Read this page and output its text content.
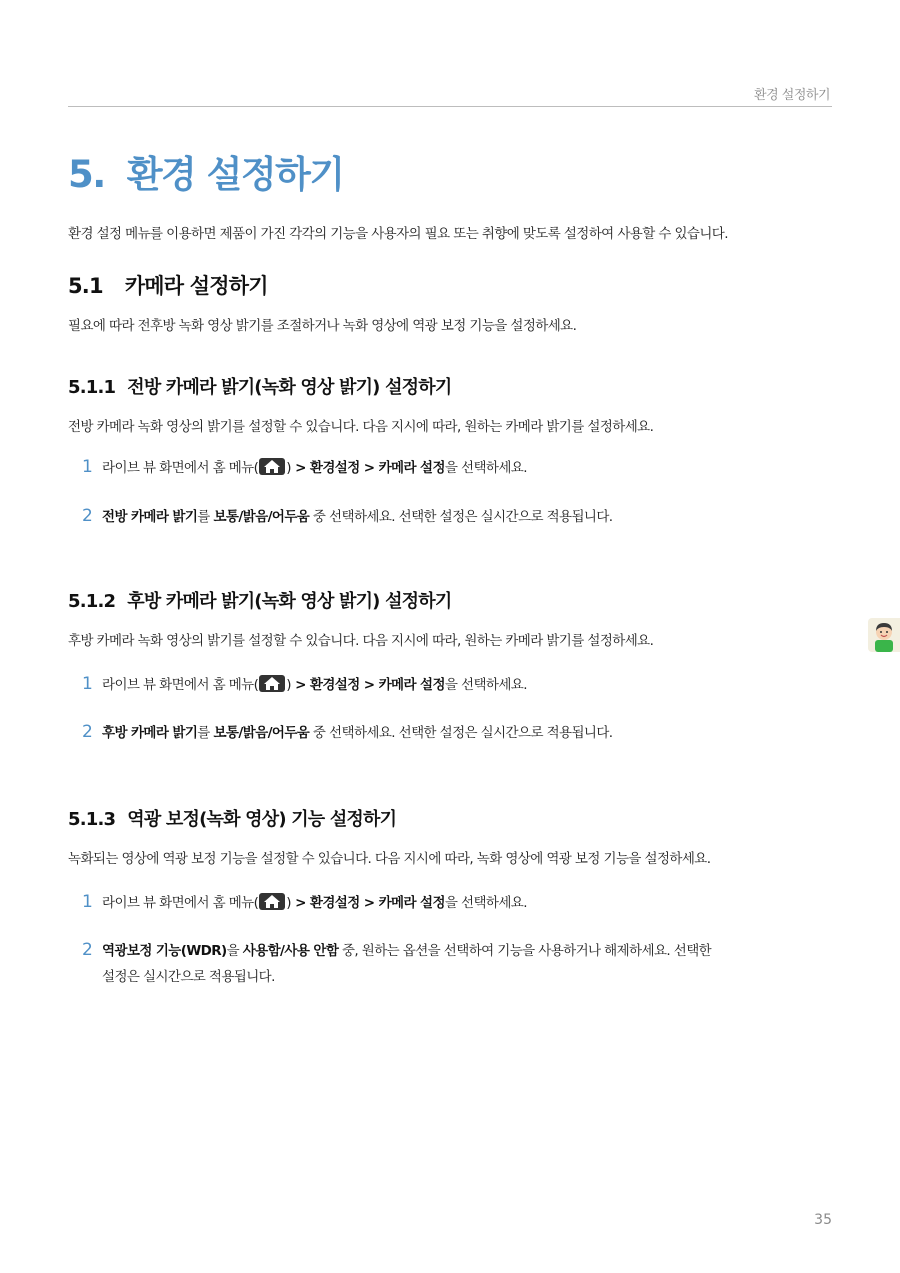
환경 설정하기
5. 환경 설정하기
환경 설정 메뉴를 이용하면 제품이 가진 각각의 기능을 사용자의 필요 또는 취향에 맞도록 설정하여 사용할 수 있습니다.
5.1 카메라 설정하기
필요에 따라 전후방 녹화 영상 밝기를 조절하거나 녹화 영상에 역광 보정 기능을 설정하세요.
5.1.1 전방 카메라 밝기(녹화 영상 밝기) 설정하기
전방 카메라 녹화 영상의 밝기를 설정할 수 있습니다. 다음 지시에 따라, 원하는 카메라 밝기를 설정하세요.
1 라이브 뷰 화면에서 홈 메뉴( ) > 환경설정 > 카메라 설정을 선택하세요.
2 전방 카메라 밝기를 보통/밝음/어두움 중 선택하세요. 선택한 설정은 실시간으로 적용됩니다.
5.1.2 후방 카메라 밝기(녹화 영상 밝기) 설정하기
후방 카메라 녹화 영상의 밝기를 설정할 수 있습니다. 다음 지시에 따라, 원하는 카메라 밝기를 설정하세요.
1 라이브 뷰 화면에서 홈 메뉴( ) > 환경설정 > 카메라 설정을 선택하세요.
2 후방 카메라 밝기를 보통/밝음/어두움 중 선택하세요. 선택한 설정은 실시간으로 적용됩니다.
5.1.3 역광 보정(녹화 영상) 기능 설정하기
녹화되는 영상에 역광 보정 기능을 설정할 수 있습니다. 다음 지시에 따라, 녹화 영상에 역광 보정 기능을 설정하세요.
1 라이브 뷰 화면에서 홈 메뉴( ) > 환경설정 > 카메라 설정을 선택하세요.
2 역광보정 기능(WDR)을 사용함/사용 안함 중, 원하는 옵션을 선택하여 기능을 사용하거나 해제하세요. 선택한
설정은 실시간으로 적용됩니다.
35
